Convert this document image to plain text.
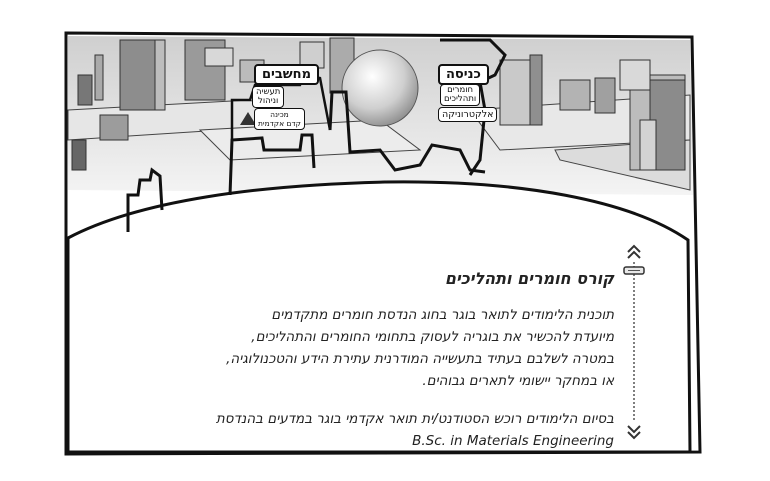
מחשבים
תעשיה
וניהול
מכינה
קדם אקדמית
כניסה
חומרים
ותהליכים
אלקטרוניקה
קורס חומרים ותהליכים
תוכנית הלימודים לתואר בוגר בחוג הנדסת חומרים מתקדמים
מיועדת להכשיר את בוגריה לעסוק בתחומי החומרים והתהליכים,
במטרה לשלבם בעתיד בתעשייה המודרנית עתירת הידע והטכנולוגיה,
או במחקר יישומי לתארים גבוהים.
בסיום הלימודים רוכש הסטודנט/ית תואר אקדמי בוגר במדעים בהנדסת
B.Sc. in Materials Engineering
